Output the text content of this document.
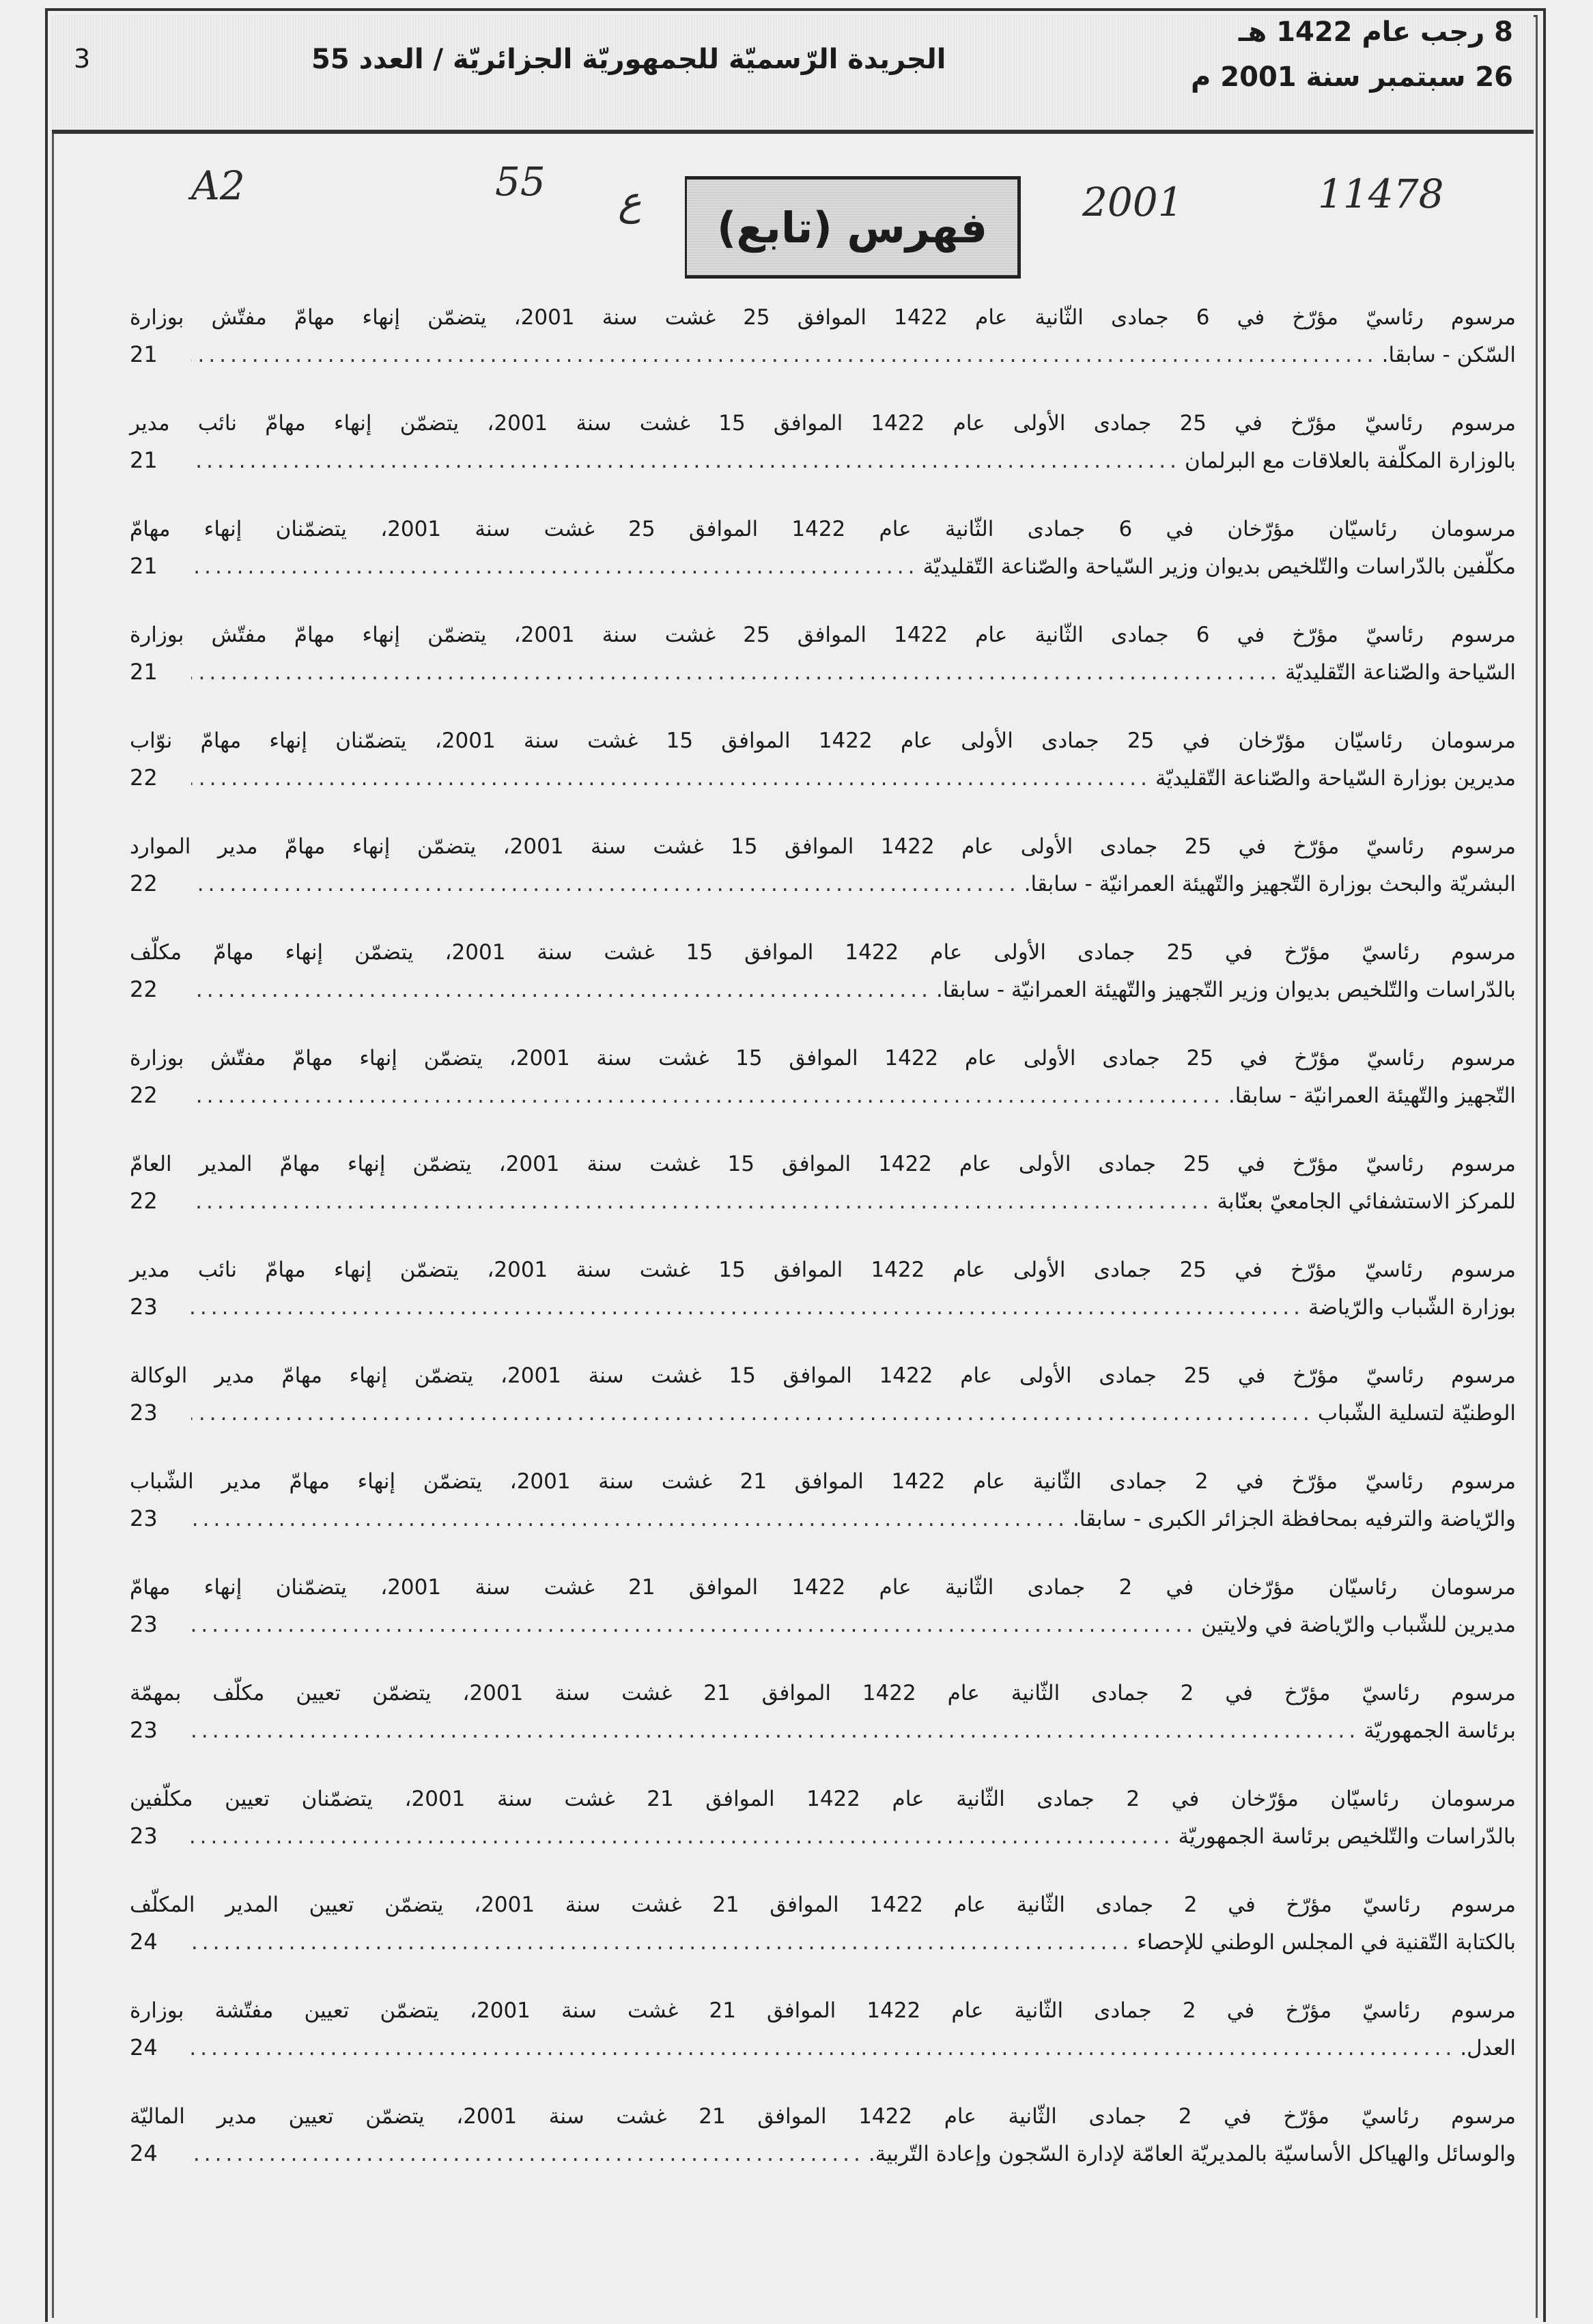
8 رجب عام 1422 هـ
26 سبتمبر سنة 2001 م
الجريدة الرّسميّة للجمهوريّة الجزائريّة / العدد 55
3
11478
2001
ع
55
A2
فهرس (تابع)
مرسوم رئاسيّ مؤرّخ في 6 جمادى الثّانية عام 1422 الموافق 25 غشت سنة 2001، يتضمّن إنهاء مهامّ مفتّش بوزارة
السّكن - سابقا.
.....
21
مرسوم رئاسيّ مؤرّخ في 25 جمادى الأولى عام 1422 الموافق 15 غشت سنة 2001، يتضمّن إنهاء مهامّ نائب مدير
بالوزارة المكلّفة بالعلاقات مع البرلمان
.....
21
مرسومان رئاسيّان مؤرّخان في 6 جمادى الثّانية عام 1422 الموافق 25 غشت سنة 2001، يتضمّنان إنهاء مهامّ
مكلّفين بالدّراسات والتّلخيص بديوان وزير السّياحة والصّناعة التّقليديّة
.....
21
مرسوم رئاسيّ مؤرّخ في 6 جمادى الثّانية عام 1422 الموافق 25 غشت سنة 2001، يتضمّن إنهاء مهامّ مفتّش بوزارة
السّياحة والصّناعة التّقليديّة
.....
21
مرسومان رئاسيّان مؤرّخان في 25 جمادى الأولى عام 1422 الموافق 15 غشت سنة 2001، يتضمّنان إنهاء مهامّ نوّاب
مديرين بوزارة السّياحة والصّناعة التّقليديّة
.....
22
مرسوم رئاسيّ مؤرّخ في 25 جمادى الأولى عام 1422 الموافق 15 غشت سنة 2001، يتضمّن إنهاء مهامّ مدير الموارد
البشريّة والبحث بوزارة التّجهيز والتّهيئة العمرانيّة - سابقا.
.....
22
مرسوم رئاسيّ مؤرّخ في 25 جمادى الأولى عام 1422 الموافق 15 غشت سنة 2001، يتضمّن إنهاء مهامّ مكلّف
بالدّراسات والتّلخيص بديوان وزير التّجهيز والتّهيئة العمرانيّة - سابقا.
.....
22
مرسوم رئاسيّ مؤرّخ في 25 جمادى الأولى عام 1422 الموافق 15 غشت سنة 2001، يتضمّن إنهاء مهامّ مفتّش بوزارة
التّجهيز والتّهيئة العمرانيّة - سابقا.
.....
22
مرسوم رئاسيّ مؤرّخ في 25 جمادى الأولى عام 1422 الموافق 15 غشت سنة 2001، يتضمّن إنهاء مهامّ المدير العامّ
للمركز الاستشفائي الجامعيّ بعنّابة
.....
22
مرسوم رئاسيّ مؤرّخ في 25 جمادى الأولى عام 1422 الموافق 15 غشت سنة 2001، يتضمّن إنهاء مهامّ نائب مدير
بوزارة الشّباب والرّياضة
.....
23
مرسوم رئاسيّ مؤرّخ في 25 جمادى الأولى عام 1422 الموافق 15 غشت سنة 2001، يتضمّن إنهاء مهامّ مدير الوكالة
الوطنيّة لتسلية الشّباب
.....
23
مرسوم رئاسيّ مؤرّخ في 2 جمادى الثّانية عام 1422 الموافق 21 غشت سنة 2001، يتضمّن إنهاء مهامّ مدير الشّباب
والرّياضة والترفيه بمحافظة الجزائر الكبرى - سابقا.
.....
23
مرسومان رئاسيّان مؤرّخان في 2 جمادى الثّانية عام 1422 الموافق 21 غشت سنة 2001، يتضمّنان إنهاء مهامّ
مديرين للشّباب والرّياضة في ولايتين
.....
23
مرسوم رئاسيّ مؤرّخ في 2 جمادى الثّانية عام 1422 الموافق 21 غشت سنة 2001، يتضمّن تعيين مكلّف بمهمّة
برئاسة الجمهوريّة
.....
23
مرسومان رئاسيّان مؤرّخان في 2 جمادى الثّانية عام 1422 الموافق 21 غشت سنة 2001، يتضمّنان تعيين مكلّفين
بالدّراسات والتّلخيص برئاسة الجمهوريّة
.....
23
مرسوم رئاسيّ مؤرّخ في 2 جمادى الثّانية عام 1422 الموافق 21 غشت سنة 2001، يتضمّن تعيين المدير المكلّف
بالكتابة التّقنية في المجلس الوطني للإحصاء
.....
24
مرسوم رئاسيّ مؤرّخ في 2 جمادى الثّانية عام 1422 الموافق 21 غشت سنة 2001، يتضمّن تعيين مفتّشة بوزارة
العدل.
.....
24
مرسوم رئاسيّ مؤرّخ في 2 جمادى الثّانية عام 1422 الموافق 21 غشت سنة 2001، يتضمّن تعيين مدير الماليّة
والوسائل والهياكل الأساسيّة بالمديريّة العامّة لإدارة السّجون وإعادة التّربية.
.....
24
